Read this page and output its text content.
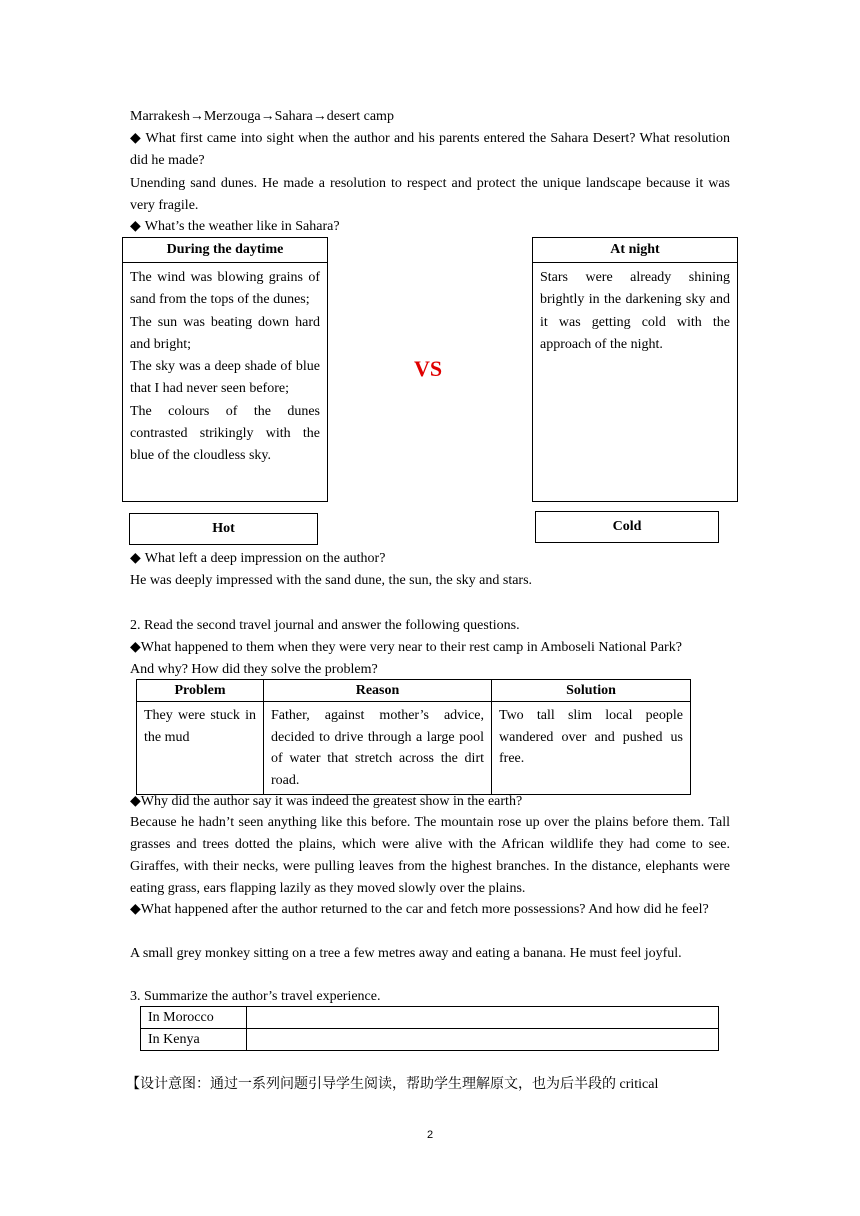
Marrakesh→Merzouga→Sahara→desert camp
◆ What first came into sight when the author and his parents entered the Sahara Desert? What resolution did he made?
Unending sand dunes. He made a resolution to respect and protect the unique landscape because it was very fragile.
◆ What’s the weather like in Sahara?
During the daytime
The wind was blowing grains of sand from the tops of the dunes;
The sun was beating down hard and bright;
The sky was a deep shade of blue that I had never seen before;
The colours of the dunes contrasted strikingly with the blue of the cloudless sky.
VS
At night
Stars were already shining brightly in the darkening sky and it was getting cold with the approach of the night.
Hot	Cold
◆ What left a deep impression on the author?
He was deeply impressed with the sand dune, the sun, the sky and stars.
2. Read the second travel journal and answer the following questions.
◆What happened to them when they were very near to their rest camp in Amboseli National Park?
And why? How did they solve the problem?
Problem	Reason	Solution
They were stuck in the mud	Father, against mother’s advice, decided to drive through a large pool of water that stretch across the dirt road.	Two tall slim local people wandered over and pushed us free.
◆Why did the author say it was indeed the greatest show in the earth?
Because he hadn’t seen anything like this before. The mountain rose up over the plains before them. Tall grasses and trees dotted the plains, which were alive with the African wildlife they had come to see. Giraffes, with their necks, were pulling leaves from the highest branches. In the distance, elephants were eating grass, ears flapping lazily as they moved slowly over the plains.
◆What happened after the author returned to the car and fetch more possessions? And how did he feel?
A small grey monkey sitting on a tree a few metres away and eating a banana. He must feel joyful.
3. Summarize the author’s travel experience.
In Morocco	
In Kenya	
【设计意图：通过一系列问题引导学生阅读，帮助学生理解原文，也为后半段的 critical
2
